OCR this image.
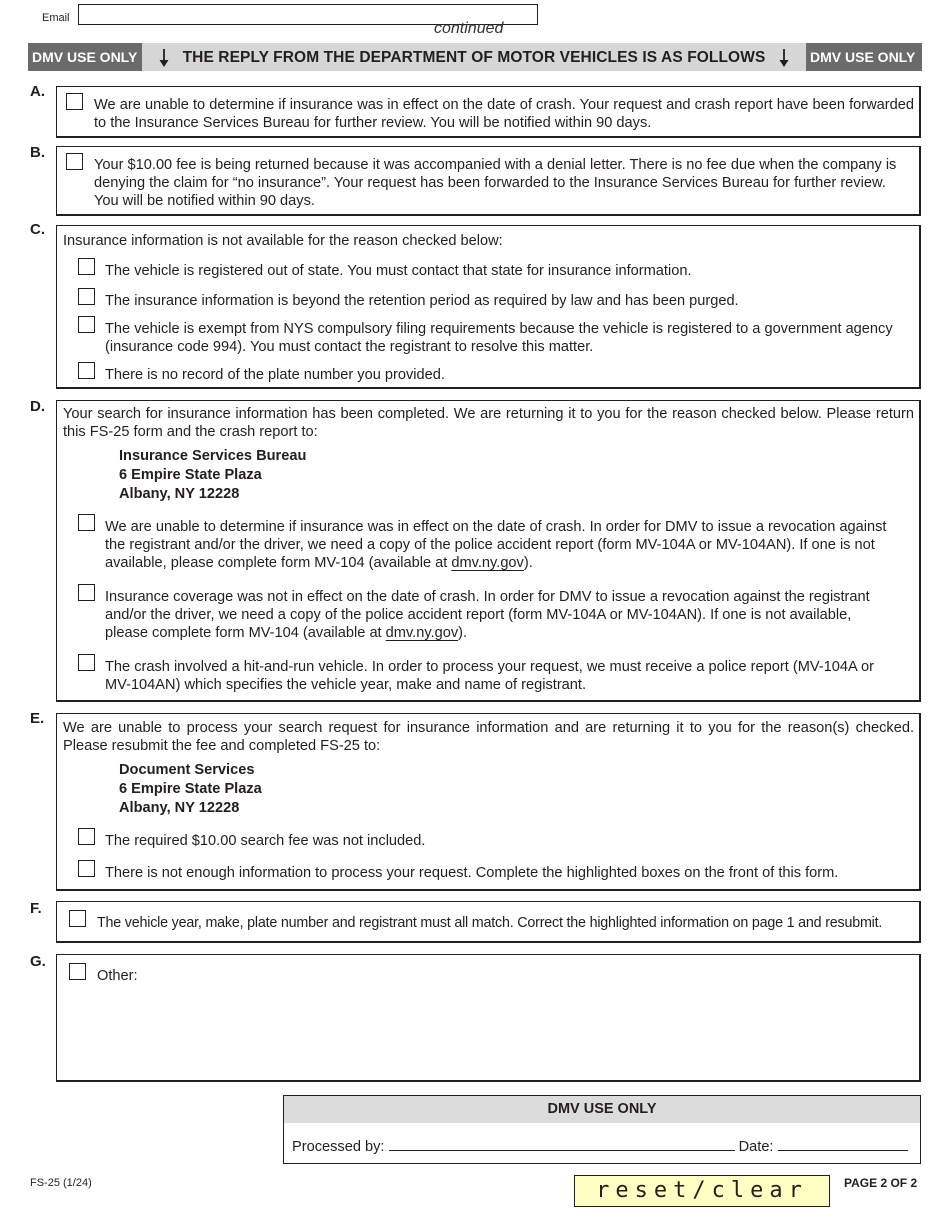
Email
continued
DMV USE ONLY	THE REPLY FROM THE DEPARTMENT OF MOTOR VEHICLES IS AS FOLLOWS	DMV USE ONLY
A.
We are unable to determine if insurance was in effect on the date of crash. Your request and crash report have been forwarded to the Insurance Services Bureau for further review. You will be notified within 90 days.
B.
Your $10.00 fee is being returned because it was accompanied with a denial letter. There is no fee due when the company is denying the claim for “no insurance”. Your request has been forwarded to the Insurance Services Bureau for further review. You will be notified within 90 days.
C.
Insurance information is not available for the reason checked below:
The vehicle is registered out of state. You must contact that state for insurance information.
The insurance information is beyond the retention period as required by law and has been purged.
The vehicle is exempt from NYS compulsory filing requirements because the vehicle is registered to a government agency (insurance code 994). You must contact the registrant to resolve this matter.
There is no record of the plate number you provided.
D. Your search for insurance information has been completed. We are returning it to you for the reason checked below. Please return this FS-25 form and the crash report to:
Insurance Services Bureau
6 Empire State Plaza
Albany, NY 12228
We are unable to determine if insurance was in effect on the date of crash. In order for DMV to issue a revocation against the registrant and/or the driver, we need a copy of the police accident report (form MV-104A or MV-104AN). If one is not available, please complete form MV-104 (available at dmv.ny.gov).
Insurance coverage was not in effect on the date of crash. In order for DMV to issue a revocation against the registrant and/or the driver, we need a copy of the police accident report (form MV-104A or MV-104AN). If one is not available, please complete form MV-104 (available at dmv.ny.gov).
The crash involved a hit-and-run vehicle. In order to process your request, we must receive a police report (MV-104A or MV-104AN) which specifies the vehicle year, make and name of registrant.
E.
We are unable to process your search request for insurance information and are returning it to you for the reason(s) checked. Please resubmit the fee and completed FS-25 to:
Document Services
6 Empire State Plaza
Albany, NY 12228
The required $10.00 search fee was not included.
There is not enough information to process your request. Complete the highlighted boxes on the front of this form.
F.
The vehicle year, make, plate number and registrant must all match. Correct the highlighted information on page 1 and resubmit.
G.
Other:
DMV USE ONLY
Processed by:	Date:
FS-25 (1/24)	reset/clear	PAGE 2 OF 2
